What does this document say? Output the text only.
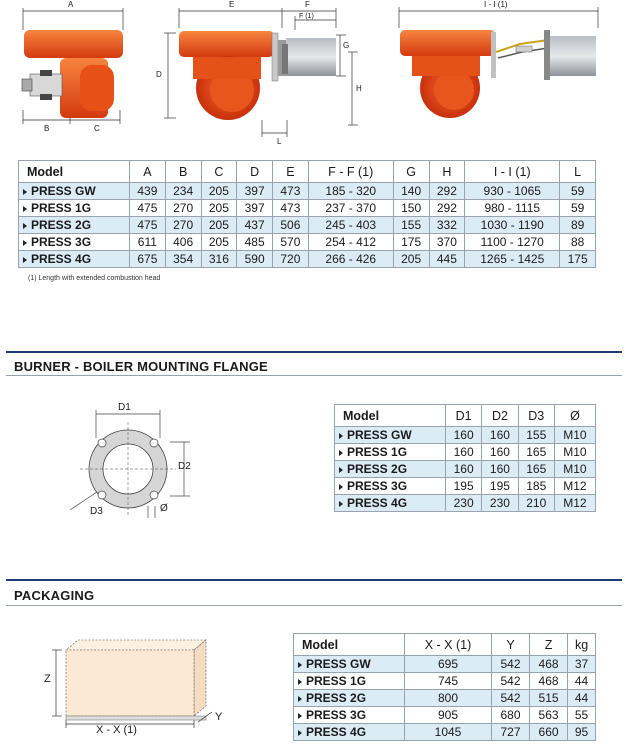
A
B	C
D
E	F
F (1)
G
H
L
I - I (1)
Model	A	B	C	D	E	F - F (1)	G	H	I - I (1)	L
PRESS GW	439	234	205	397	473	185 - 320	140	292	930 - 1065	59
PRESS 1G	475	270	205	397	473	237 - 370	150	292	980 - 1115	59
PRESS 2G	475	270	205	437	506	245 - 403	155	332	1030 - 1190	89
PRESS 3G	611	406	205	485	570	254 - 412	175	370	1100 - 1270	88
PRESS 4G	675	354	316	590	720	266 - 426	205	445	1265 - 1425	175
(1) Length with extended combustion head
BURNER - BOILER MOUNTING FLANGE
D1
D2
D3	Ø
Model	D1	D2	D3	Ø
PRESS GW	160	160	155	M10
PRESS 1G	160	160	165	M10
PRESS 2G	160	160	165	M10
PRESS 3G	195	195	185	M12
PRESS 4G	230	230	210	M12
PACKAGING
Z
X - X (1)
Y
Model	X - X (1)	Y	Z	kg
PRESS GW	695	542	468	37
PRESS 1G	745	542	468	44
PRESS 2G	800	542	515	44
PRESS 3G	905	680	563	55
PRESS 4G	1045	727	660	95
